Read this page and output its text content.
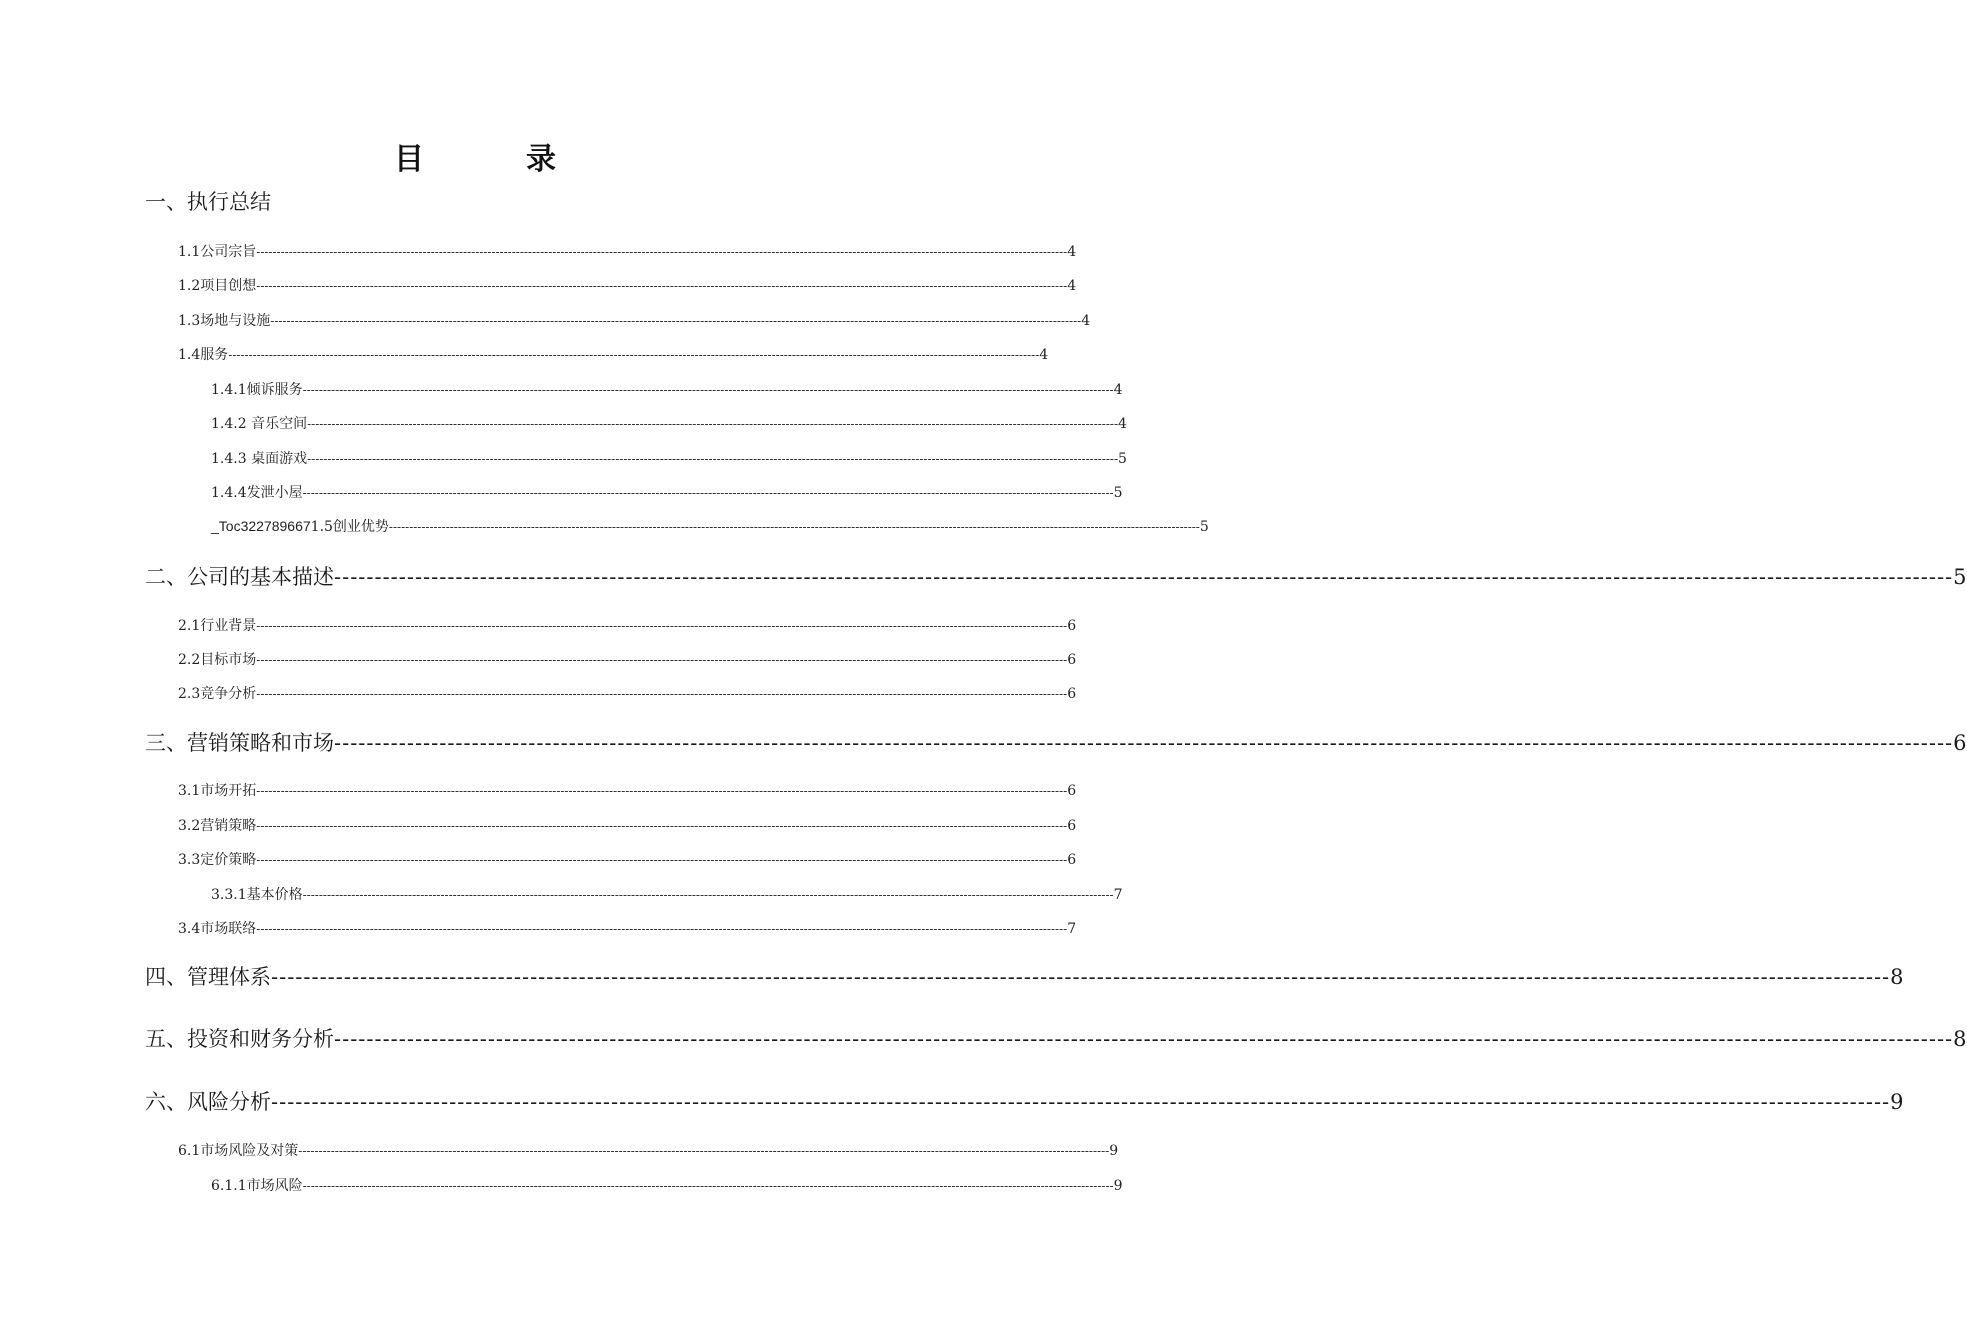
目　录
一、执行总结
1.1公司宗旨 -------------------------------------------------------------------------------------------------------------------------------------------------------------------------------------------------------- 4
1.2项目创想 -------------------------------------------------------------------------------------------------------------------------------------------------------------------------------------------------------- 4
1.3场地与设施 -------------------------------------------------------------------------------------------------------------------------------------------------------------------------------------------------------- 4
1.4服务 -------------------------------------------------------------------------------------------------------------------------------------------------------------------------------------------------------- 4
1.4.1倾诉服务 -------------------------------------------------------------------------------------------------------------------------------------------------------------------------------------------------------- 4
1.4.2 音乐空间 -------------------------------------------------------------------------------------------------------------------------------------------------------------------------------------------------------- 4
1.4.3 桌面游戏 -------------------------------------------------------------------------------------------------------------------------------------------------------------------------------------------------------- 5
1.4.4发泄小屋 -------------------------------------------------------------------------------------------------------------------------------------------------------------------------------------------------------- 5
_Toc3227896671.5创业优势 -------------------------------------------------------------------------------------------------------------------------------------------------------------------------------------------------------- 5
二、公司的基本描述 -------------------------------------------------------------------------------------------------------------------------------------------------------------------------------------------------------- 5
2.1行业背景 -------------------------------------------------------------------------------------------------------------------------------------------------------------------------------------------------------- 6
2.2目标市场 -------------------------------------------------------------------------------------------------------------------------------------------------------------------------------------------------------- 6
2.3竞争分析 -------------------------------------------------------------------------------------------------------------------------------------------------------------------------------------------------------- 6
三、营销策略和市场 -------------------------------------------------------------------------------------------------------------------------------------------------------------------------------------------------------- 6
3.1市场开拓 -------------------------------------------------------------------------------------------------------------------------------------------------------------------------------------------------------- 6
3.2营销策略 -------------------------------------------------------------------------------------------------------------------------------------------------------------------------------------------------------- 6
3.3定价策略 -------------------------------------------------------------------------------------------------------------------------------------------------------------------------------------------------------- 6
3.3.1基本价格 -------------------------------------------------------------------------------------------------------------------------------------------------------------------------------------------------------- 7
3.4市场联络 -------------------------------------------------------------------------------------------------------------------------------------------------------------------------------------------------------- 7
四、管理体系 -------------------------------------------------------------------------------------------------------------------------------------------------------------------------------------------------------- 8
五、投资和财务分析 -------------------------------------------------------------------------------------------------------------------------------------------------------------------------------------------------------- 8
六、风险分析 -------------------------------------------------------------------------------------------------------------------------------------------------------------------------------------------------------- 9
6.1市场风险及对策 -------------------------------------------------------------------------------------------------------------------------------------------------------------------------------------------------------- 9
6.1.1市场风险 -------------------------------------------------------------------------------------------------------------------------------------------------------------------------------------------------------- 9
